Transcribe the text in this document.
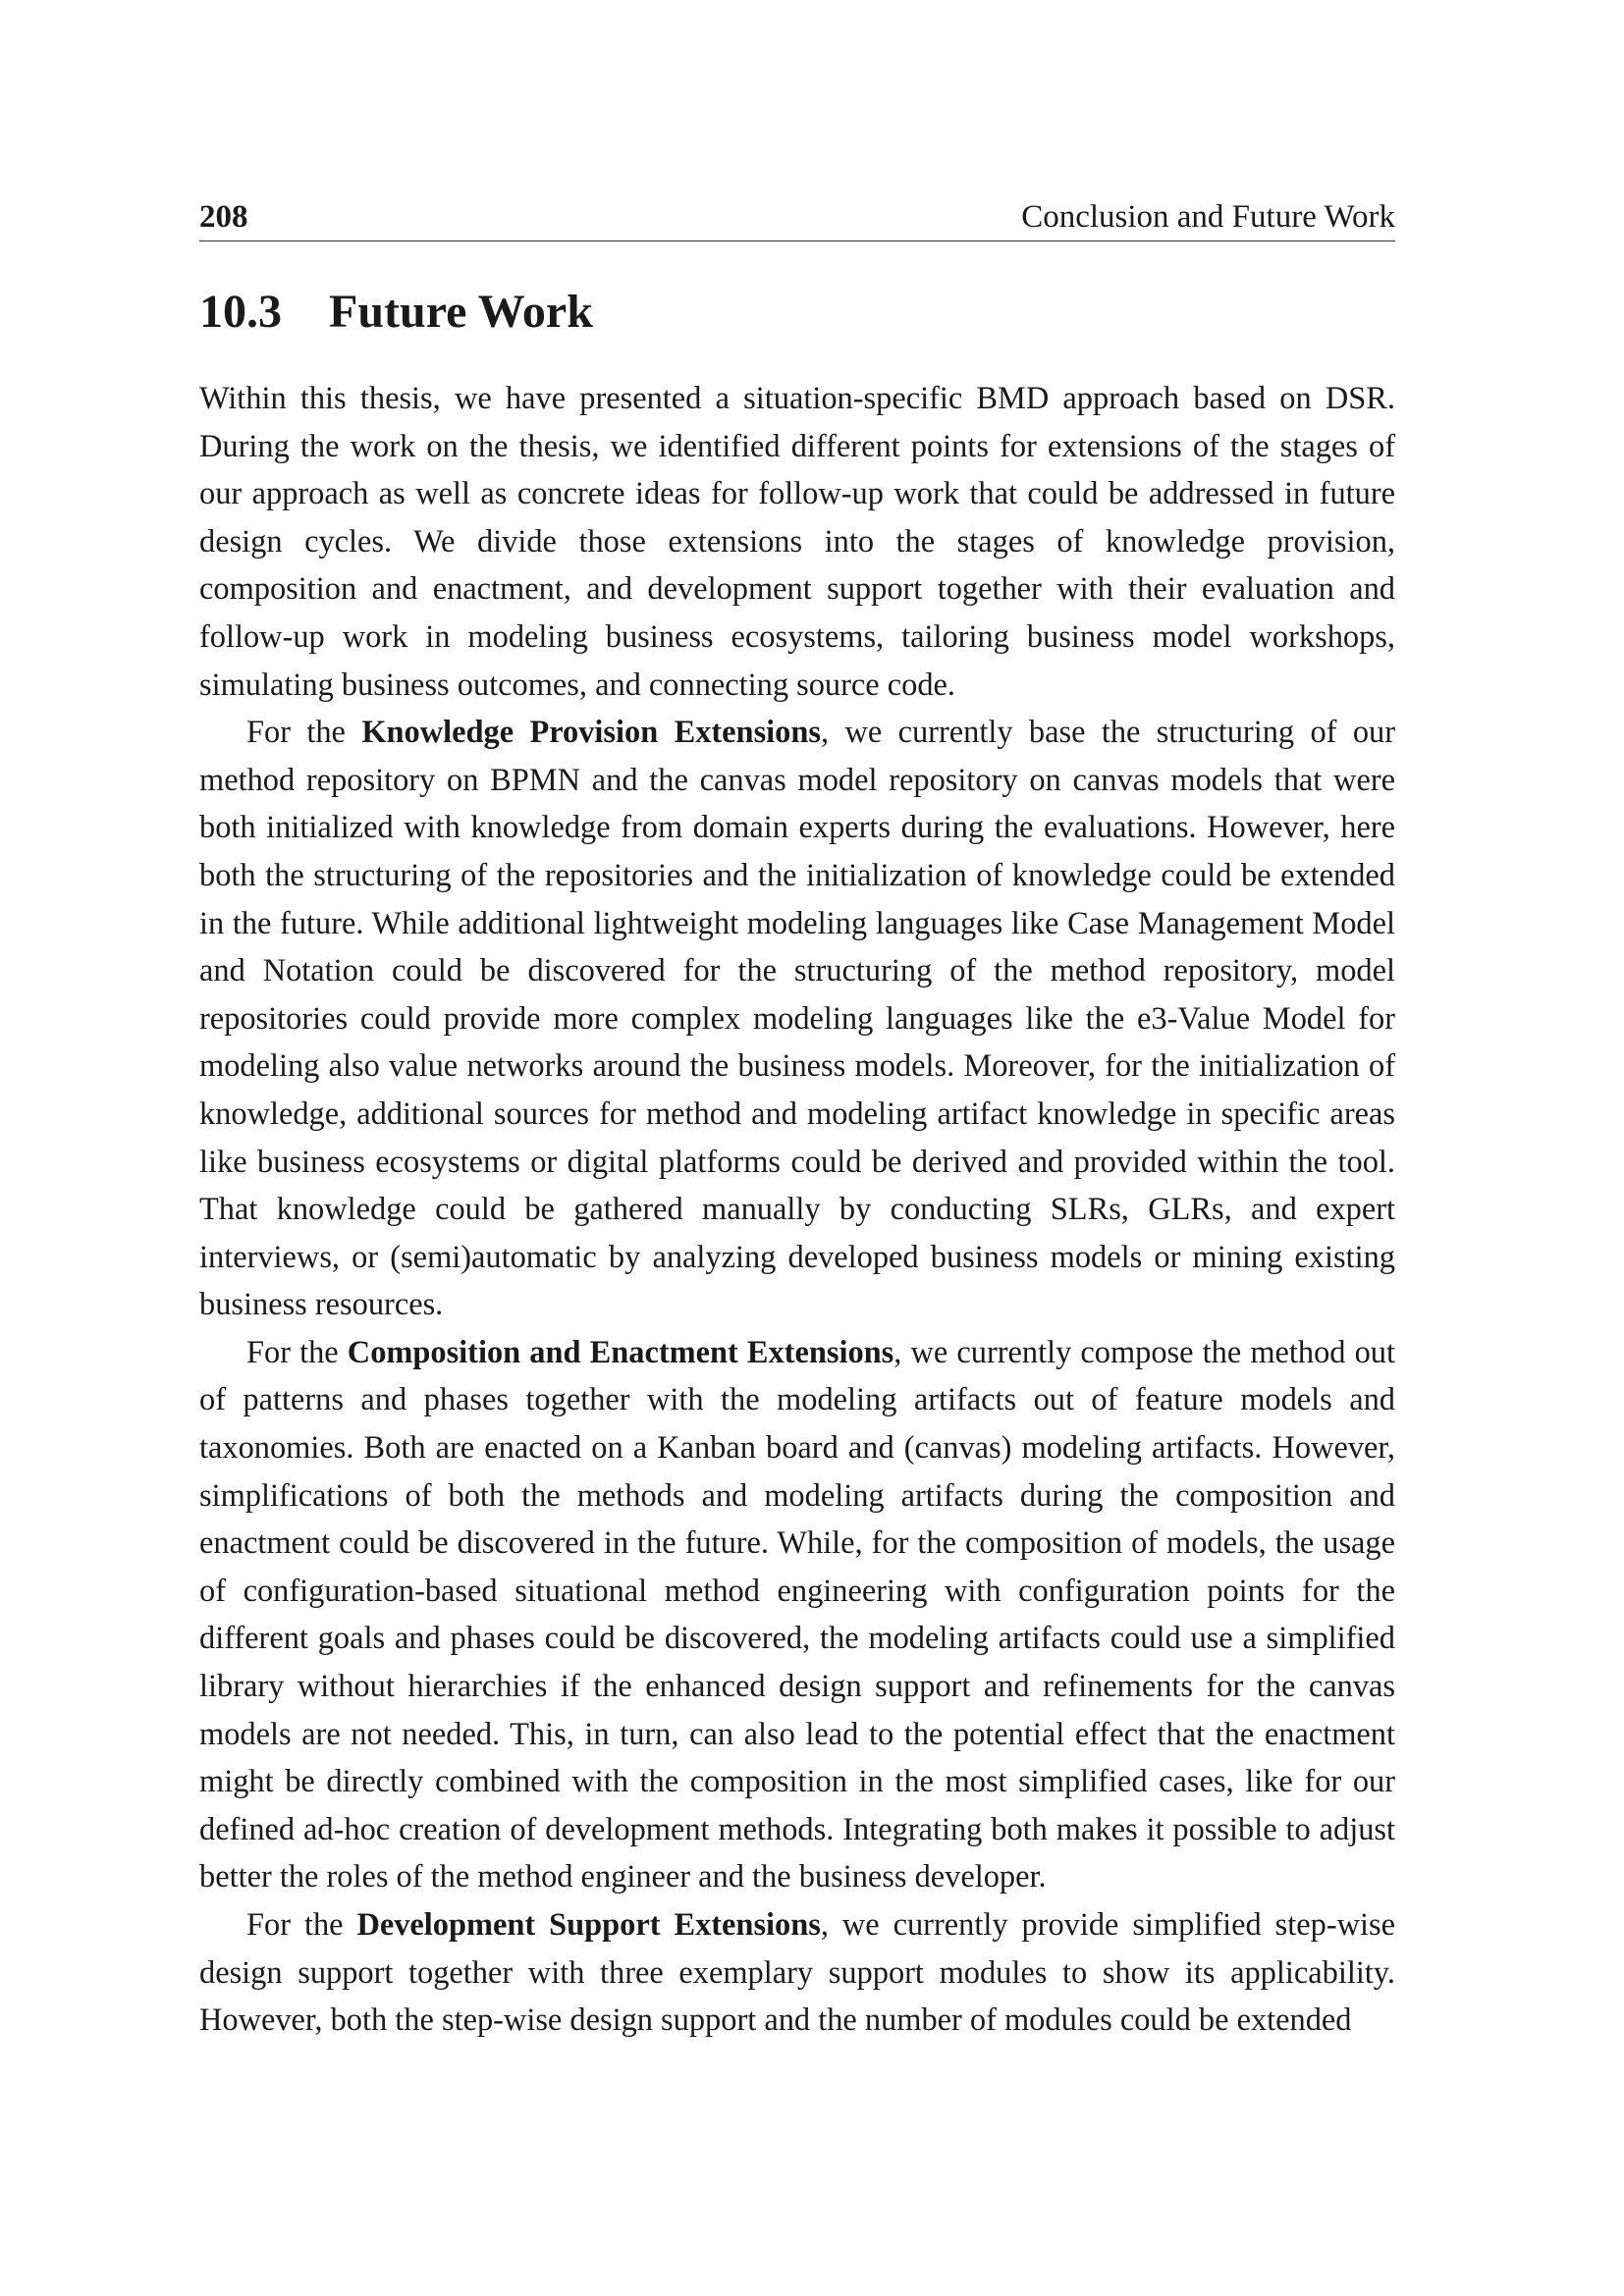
208	Conclusion and Future Work
10.3 Future Work

Within this thesis, we have presented a situation-specific BMD approach based on DSR. During the work on the thesis, we identified different points for extensions of the stages of our approach as well as concrete ideas for follow-up work that could be addressed in future design cycles. We divide those extensions into the stages of knowledge provision, composition and enactment, and development support together with their evaluation and follow-up work in modeling business ecosystems, tailoring business model workshops, simulating business outcomes, and connecting source code.

For the Knowledge Provision Extensions, we currently base the structuring of our method repository on BPMN and the canvas model repository on canvas models that were both initialized with knowledge from domain experts during the evaluations. However, here both the structuring of the repositories and the initialization of knowledge could be extended in the future. While additional lightweight modeling languages like Case Management Model and Notation could be discovered for the structuring of the method repository, model repositories could provide more complex modeling languages like the e3-Value Model for modeling also value networks around the business models. Moreover, for the initialization of knowledge, additional sources for method and modeling artifact knowledge in specific areas like business ecosystems or digital platforms could be derived and provided within the tool. That knowledge could be gathered manually by conducting SLRs, GLRs, and expert interviews, or (semi)automatic by analyzing developed business models or mining existing business resources.

For the Composition and Enactment Extensions, we currently compose the method out of patterns and phases together with the modeling artifacts out of feature models and taxonomies. Both are enacted on a Kanban board and (canvas) modeling artifacts. However, simplifications of both the methods and modeling artifacts during the composition and enactment could be discovered in the future. While, for the composition of models, the usage of configuration-based situational method engineering with configuration points for the different goals and phases could be discovered, the modeling artifacts could use a simplified library without hierarchies if the enhanced design support and refinements for the canvas models are not needed. This, in turn, can also lead to the potential effect that the enactment might be directly combined with the composition in the most simplified cases, like for our defined ad-hoc creation of development methods. Integrating both makes it possible to adjust better the roles of the method engineer and the business developer.

For the Development Support Extensions, we currently provide simplified step-wise design support together with three exemplary support modules to show its applicability. However, both the step-wise design support and the number of modules could be extended
